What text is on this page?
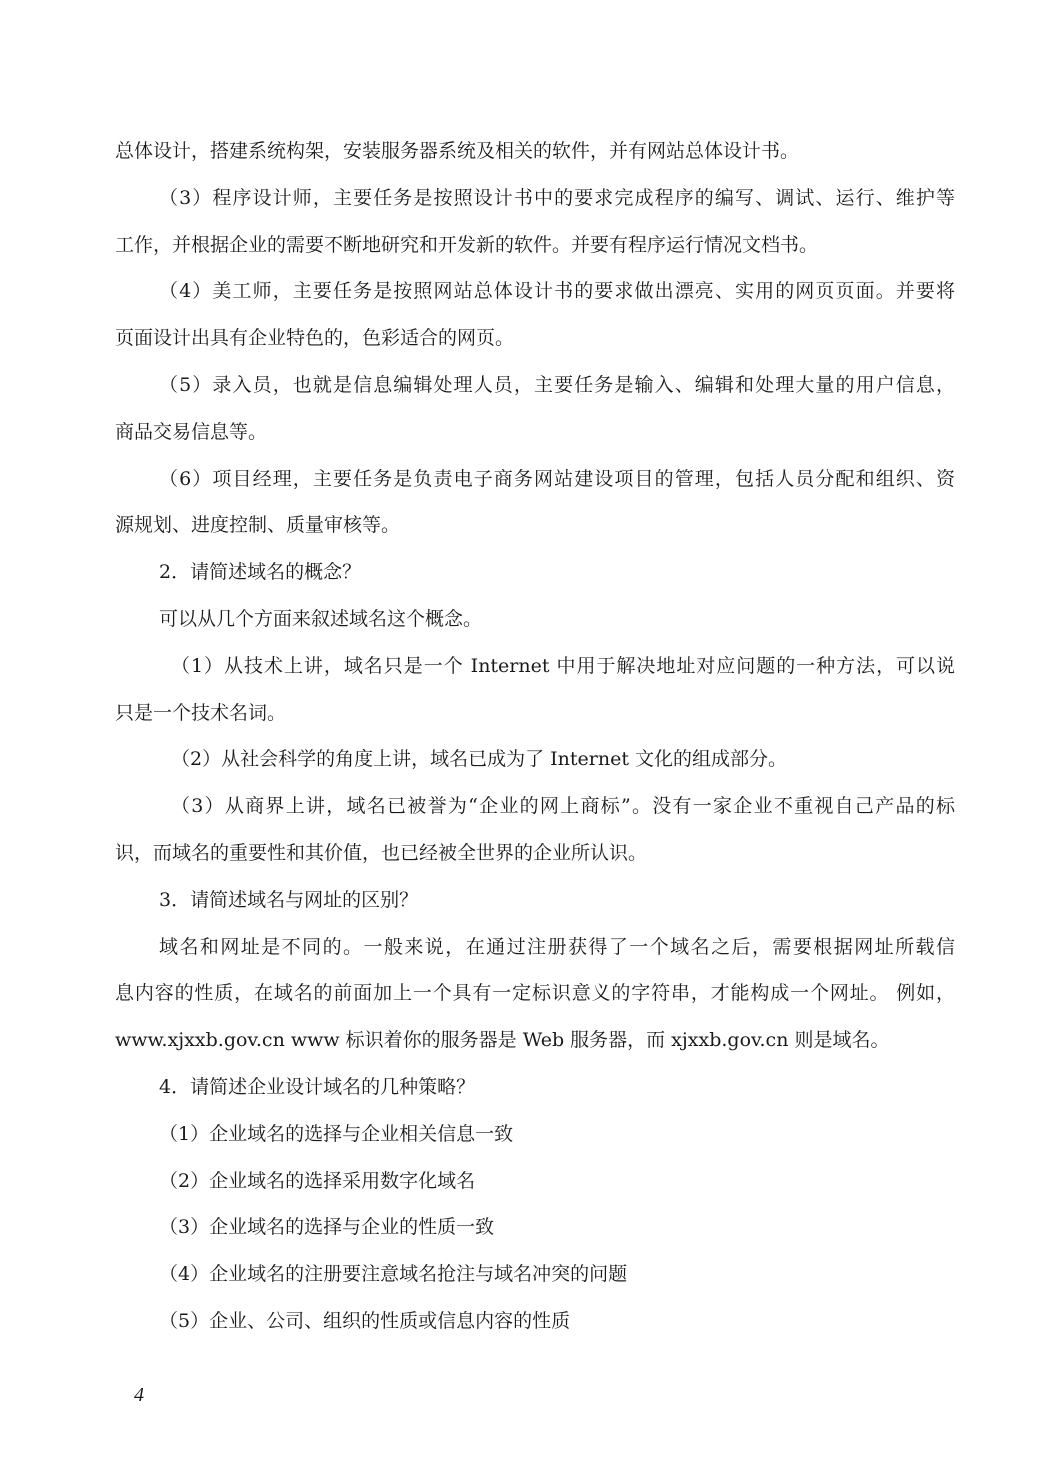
总体设计，搭建系统构架，安装服务器系统及相关的软件，并有网站总体设计书。
（3）程序设计师，主要任务是按照设计书中的要求完成程序的编写、调试、运行、维护等
工作，并根据企业的需要不断地研究和开发新的软件。并要有程序运行情况文档书。
（4）美工师，主要任务是按照网站总体设计书的要求做出漂亮、实用的网页页面。并要将
页面设计出具有企业特色的，色彩适合的网页。
（5）录入员，也就是信息编辑处理人员，主要任务是输入、编辑和处理大量的用户信息，
商品交易信息等。
（6）项目经理，主要任务是负责电子商务网站建设项目的管理，包括人员分配和组织、资
源规划、进度控制、质量审核等。
2．请简述域名的概念？
可以从几个方面来叙述域名这个概念。
（1）从技术上讲，域名只是一个 Internet 中用于解决地址对应问题的一种方法，可以说
只是一个技术名词。
（2）从社会科学的角度上讲，域名已成为了 Internet 文化的组成部分。
（3）从商界上讲，域名已被誉为“企业的网上商标”。没有一家企业不重视自己产品的标
识，而域名的重要性和其价值，也已经被全世界的企业所认识。
3．请简述域名与网址的区别？
域名和网址是不同的。一般来说，在通过注册获得了一个域名之后，需要根据网址所载信
息内容的性质，在域名的前面加上一个具有一定标识意义的字符串，才能构成一个网址。 例如，
www.xjxxb.gov.cn www 标识着你的服务器是 Web 服务器，而 xjxxb.gov.cn 则是域名。
4．请简述企业设计域名的几种策略？
（1）企业域名的选择与企业相关信息一致
（2）企业域名的选择采用数字化域名
（3）企业域名的选择与企业的性质一致
（4）企业域名的注册要注意域名抢注与域名冲突的问题
（5）企业、公司、组织的性质或信息内容的性质
4
